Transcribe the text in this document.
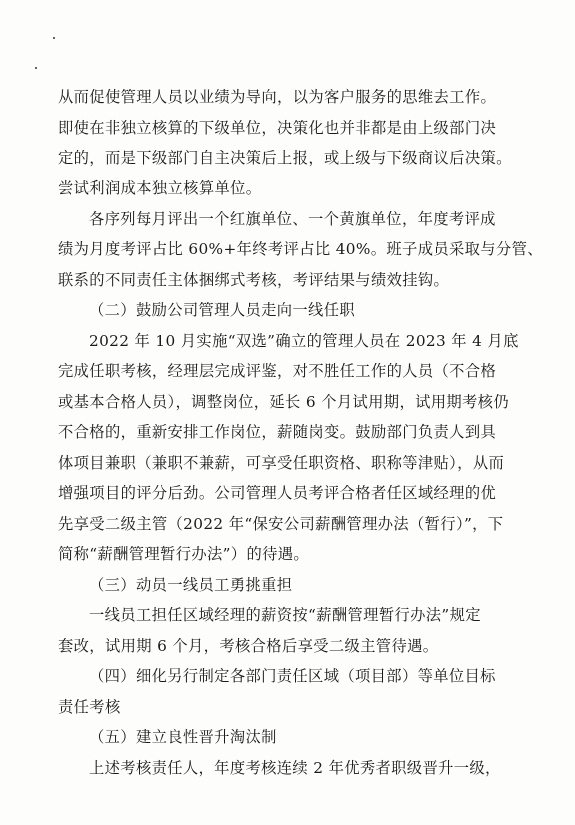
从而促使管理人员以业绩为导向，以为客户服务的思维去工作。
即使在非独立核算的下级单位，决策化也并非都是由上级部门决
定的，而是下级部门自主决策后上报，或上级与下级商议后决策。
尝试利润成本独立核算单位。
各序列每月评出一个红旗单位、一个黄旗单位，年度考评成
绩为月度考评占比 60%+年终考评占比 40%。班子成员采取与分管、
联系的不同责任主体捆绑式考核，考评结果与绩效挂钩。
（二）鼓励公司管理人员走向一线任职
2022 年 10 月实施“双选”确立的管理人员在 2023 年 4 月底
完成任职考核，经理层完成评鉴，对不胜任工作的人员（不合格
或基本合格人员），调整岗位，延长 6 个月试用期，试用期考核仍
不合格的，重新安排工作岗位，薪随岗变。鼓励部门负责人到具
体项目兼职（兼职不兼薪，可享受任职资格、职称等津贴），从而
增强项目的评分后劲。公司管理人员考评合格者任区域经理的优
先享受二级主管（2022 年“保安公司薪酬管理办法（暂行）”，下
简称“薪酬管理暂行办法”）的待遇。
（三）动员一线员工勇挑重担
一线员工担任区域经理的薪资按“薪酬管理暂行办法”规定
套改，试用期 6 个月，考核合格后享受二级主管待遇。
（四）细化另行制定各部门责任区域（项目部）等单位目标
责任考核
（五）建立良性晋升淘汰制
上述考核责任人，年度考核连续 2 年优秀者职级晋升一级，
